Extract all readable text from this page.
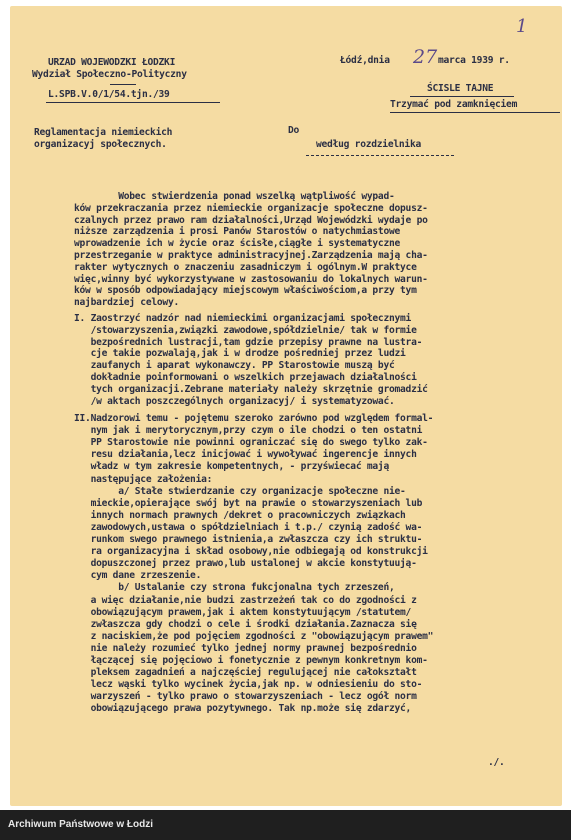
1
URZAD WOJEWODZKI ŁODZKI
Wydział Społeczno-Polityczny
L.SPB.V.0/1/54.tjn./39
Łódź,dnia 27 marca 1939 r.
ŚCISLE TAJNE
Trzymać pod zamknięciem
Reglamentacja niemieckich
organizacyj społecznych.
Do
według rozdzielnika
Wobec stwierdzenia ponad wszelką wątpliwość wypad-
ków przekraczania przez niemieckie organizacje społeczne dopusz-
czalnych przez prawo ram działalności,Urząd Wojewódzki wydaje po
niższe zarządzenia i prosi Panów Starostów o natychmiastowe
wprowadzenie ich w życie oraz ścisłe,ciągłe i systematyczne
przestrzeganie w praktyce administracyjnej.Zarządzenia mają cha-
rakter wytycznych o znaczeniu zasadniczym i ogólnym.W praktyce
więc,winny być wykorzystywane w zastosowaniu do lokalnych warun-
ków w sposób odpowiadający miejscowym właściwościom,a przy tym
najbardziej celowy.
I. Zaostrzyć nadzór nad niemieckimi organizacjami społecznymi
/stowarzyszenia,związki zawodowe,spółdzielnie/ tak w formie
bezpośrednich lustracji,tam gdzie przepisy prawne na lustra-
cje takie pozwalają,jak i w drodze pośredniej przez ludzi
zaufanych i aparat wykonawczy. PP Starostowie muszą być
dokładnie poinformowani o wszelkich przejawach działalności
tych organizacji.Zebrane materiały należy skrzętnie gromadzić
/w aktach poszczególnych organizacyj/ i systematyzować.
II.Nadzorowi temu - pojętemu szeroko zarówno pod względem formal-
nym jak i merytorycznym,przy czym o ile chodzi o ten ostatni
PP Starostowie nie powinni ograniczać się do swego tylko zak-
resu działania,lecz inicjować i wywoływać ingerencje innych
władz w tym zakresie kompetentnych, - przyświecać mają
następujące założenia:
a/ Stałe stwierdzanie czy organizacje społeczne nie-
mieckie,opierające swój byt na prawie o stowarzyszeniach lub
innych normach prawnych /dekret o pracowniczych związkach
zawodowych,ustawa o spółdzielniach i t.p./ czynią zadość wa-
runkom swego prawnego istnienia,a zwłaszcza czy ich struktu-
ra organizacyjna i skład osobowy,nie odbiegają od konstrukcji
dopuszczonej przez prawo,lub ustalonej w akcie konstytuują-
cym dane zrzeszenie.
b/ Ustalanie czy strona fukcjonalna tych zrzeszeń,
a więc działanie,nie budzi zastrzeżeń tak co do zgodności z
obowiązującym prawem,jak i aktem konstytuującym /statutem/
zwłaszcza gdy chodzi o cele i środki działania.Zaznacza się
z naciskiem,że pod pojęciem zgodności z "obowiązującym prawem"
nie należy rozumieć tylko jednej normy prawnej bezpośrednio
łączącej się pojęciowo i fonetycznie z pewnym konkretnym kom-
pleksem zagadnień a najczęściej regulującej nie całokształt
lecz wąski tylko wycinek życia,jak np. w odniesieniu do sto-
warzyszeń - tylko prawo o stowarzyszeniach - lecz ogół norm
obowiązującego prawa pozytywnego. Tak np.może się zdarzyć,
./.
Archiwum Państwowe w Łodzi
